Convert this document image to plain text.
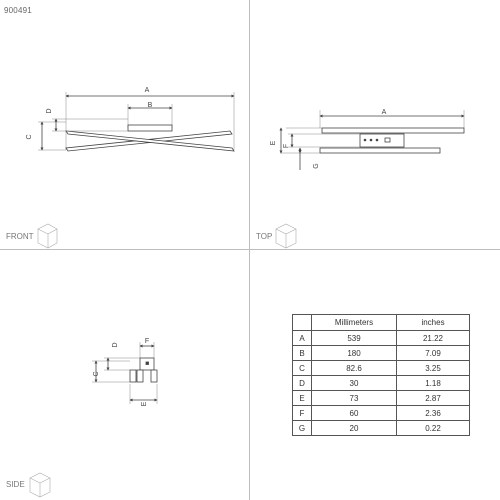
900491
A
B
D
C
A
E
F
G
F
D
C
E
FRONT	TOP
SIDE
	Millimeters	inches
A	539	21.22
B	180	7.09
C	82.6	3.25
D	30	1.18
E	73	2.87
F	60	2.36
G	20	0.22
